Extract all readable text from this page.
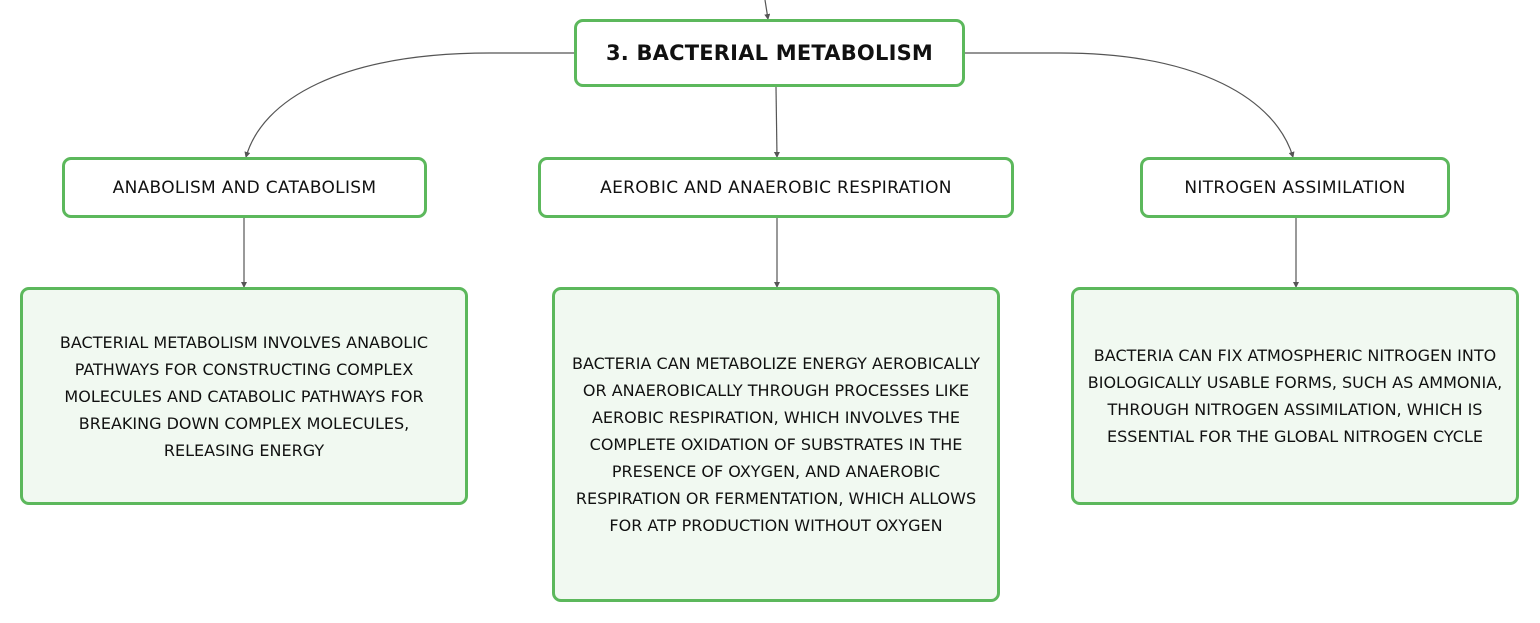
3. BACTERIAL METABOLISM
ANABOLISM AND CATABOLISM	AEROBIC AND ANAEROBIC RESPIRATION	NITROGEN ASSIMILATION
BACTERIAL METABOLISM INVOLVES ANABOLIC PATHWAYS FOR CONSTRUCTING COMPLEX MOLECULES AND CATABOLIC PATHWAYS FOR BREAKING DOWN COMPLEX MOLECULES, RELEASING ENERGY
BACTERIA CAN METABOLIZE ENERGY AEROBICALLY OR ANAEROBICALLY THROUGH PROCESSES LIKE AEROBIC RESPIRATION, WHICH INVOLVES THE COMPLETE OXIDATION OF SUBSTRATES IN THE PRESENCE OF OXYGEN, AND ANAEROBIC RESPIRATION OR FERMENTATION, WHICH ALLOWS FOR ATP PRODUCTION WITHOUT OXYGEN
BACTERIA CAN FIX ATMOSPHERIC NITROGEN INTO BIOLOGICALLY USABLE FORMS, SUCH AS AMMONIA, THROUGH NITROGEN ASSIMILATION, WHICH IS ESSENTIAL FOR THE GLOBAL NITROGEN CYCLE
